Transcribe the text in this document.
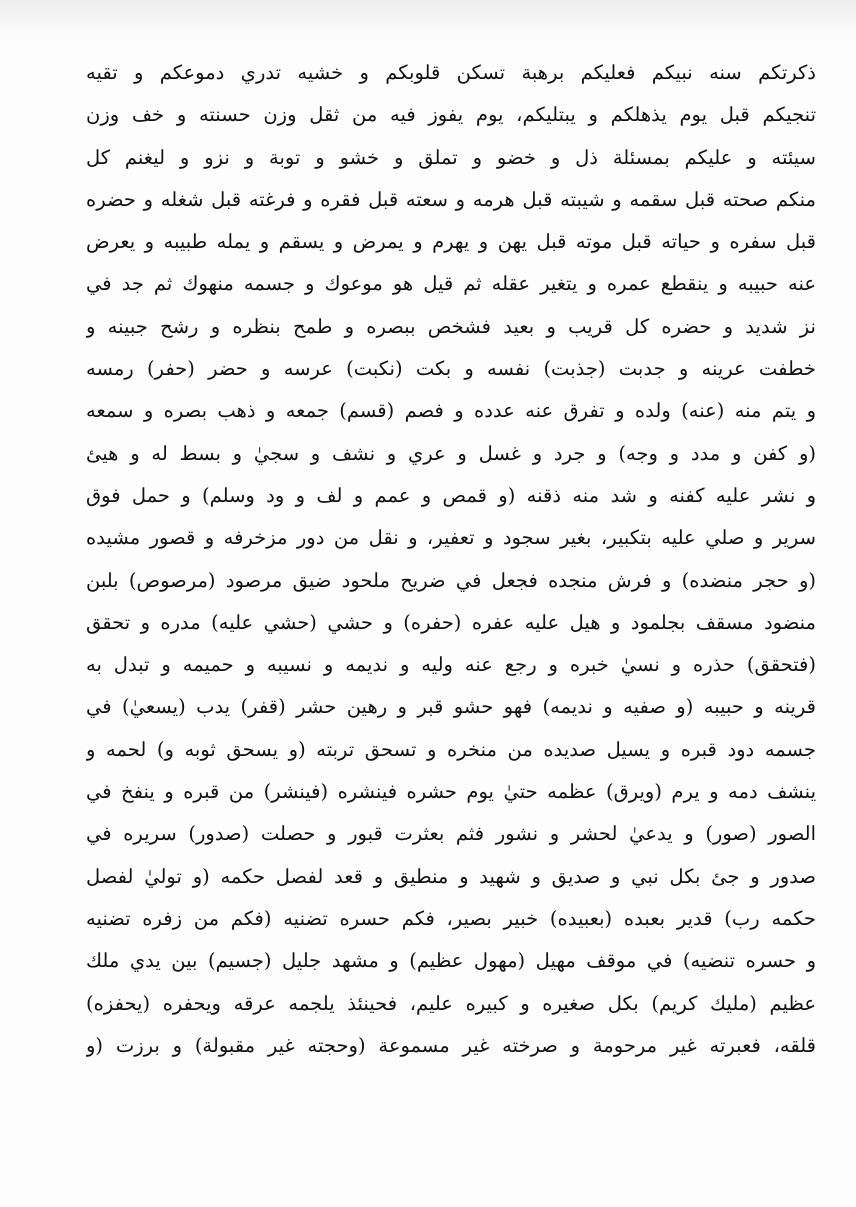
ذكرتكم سنه نبيكم فعليكم برهبة تسكن قلوبكم و خشيه تدري دموعكم و تقيه
تنجيكم قبل يوم يذهلكم و يبتليكم، يوم يفوز فيه من ثقل وزن حسنته و خف وزن
سيئته و عليكم بمسئلة ذل و خضو و تملق و خشو و توبة و نزو و ليغنم كل
منكم صحته قبل سقمه و شيبته قبل هرمه و سعته قبل فقره و فرغته قبل شغله و حضره
قبل سفره و حياته قبل موته قبل يهن و يهرم و يمرض و يسقم و يمله طبيبه و يعرض
عنه حبيبه و ينقطع عمره و يتغير عقله ثم قيل هو موعوك و جسمه منهوك ثم جد في
نز شديد و حضره كل قريب و بعيد فشخص ببصره و طمح بنظره و رشح جبينه و
خطفت عرينه و جدبت (جذبت) نفسه و بكت (نكبت) عرسه و حضر (حفر) رمسه
و يتم منه (عنه) ولده و تفرق عنه عدده و فصم (قسم) جمعه و ذهب بصره و سمعه
(و كفن و مدد و وجه) و جرد و غسل و عري و نشف و سجيٰ و بسط له و هيئ
و نشر عليه كفنه و شد منه ذقنه (و قمص و عمم و لف و ود وسلم) و حمل فوق
سرير و صلي عليه بتكبير، بغير سجود و تعفير، و نقل من دور مزخرفه و قصور مشيده
(و حجر منضده) و فرش منجده فجعل في ضريح ملحود ضيق مرصود (مرصوص) بلبن
منضود مسقف بجلمود و هيل عليه عفره (حفره) و حشي (حشي عليه) مدره و تحقق
(فتحقق) حذره و نسيٰ خبره و رجع عنه وليه و نديمه و نسيبه و حميمه و تبدل به
قرينه و حبيبه (و صفيه و نديمه) فهو حشو قبر و رهين حشر (قفر) يدب (يسعيٰ) في
جسمه دود قبره و يسيل صديده من منخره و تسحق تربته (و يسحق ثوبه و) لحمه و
ينشف دمه و يرم (ويرق) عظمه حتيٰ يوم حشره فينشره (فينشر) من قبره و ينفخ في
الصور (صور) و يدعيٰ لحشر و نشور فثم بعثرت قبور و حصلت (صدور) سريره في
صدور و جئ بكل نبي و صديق و شهيد و منطيق و قعد لفصل حكمه (و توليٰ لفصل
حكمه رب) قدير بعبده (بعبيده) خبير بصير، فكم حسره تضنيه (فكم من زفره تضنيه
و حسره تنضيه) في موقف مهيل (مهول عظيم) و مشهد جليل (جسيم) بين يدي ملك
عظيم (مليك كريم) بكل صغيره و كبيره عليم، فحينئذ يلجمه عرقه ويحفره (يحفزه)
قلقه، فعبرته غير مرحومة و صرخته غير مسموعة (وحجته غير مقبولة) و برزت (و
